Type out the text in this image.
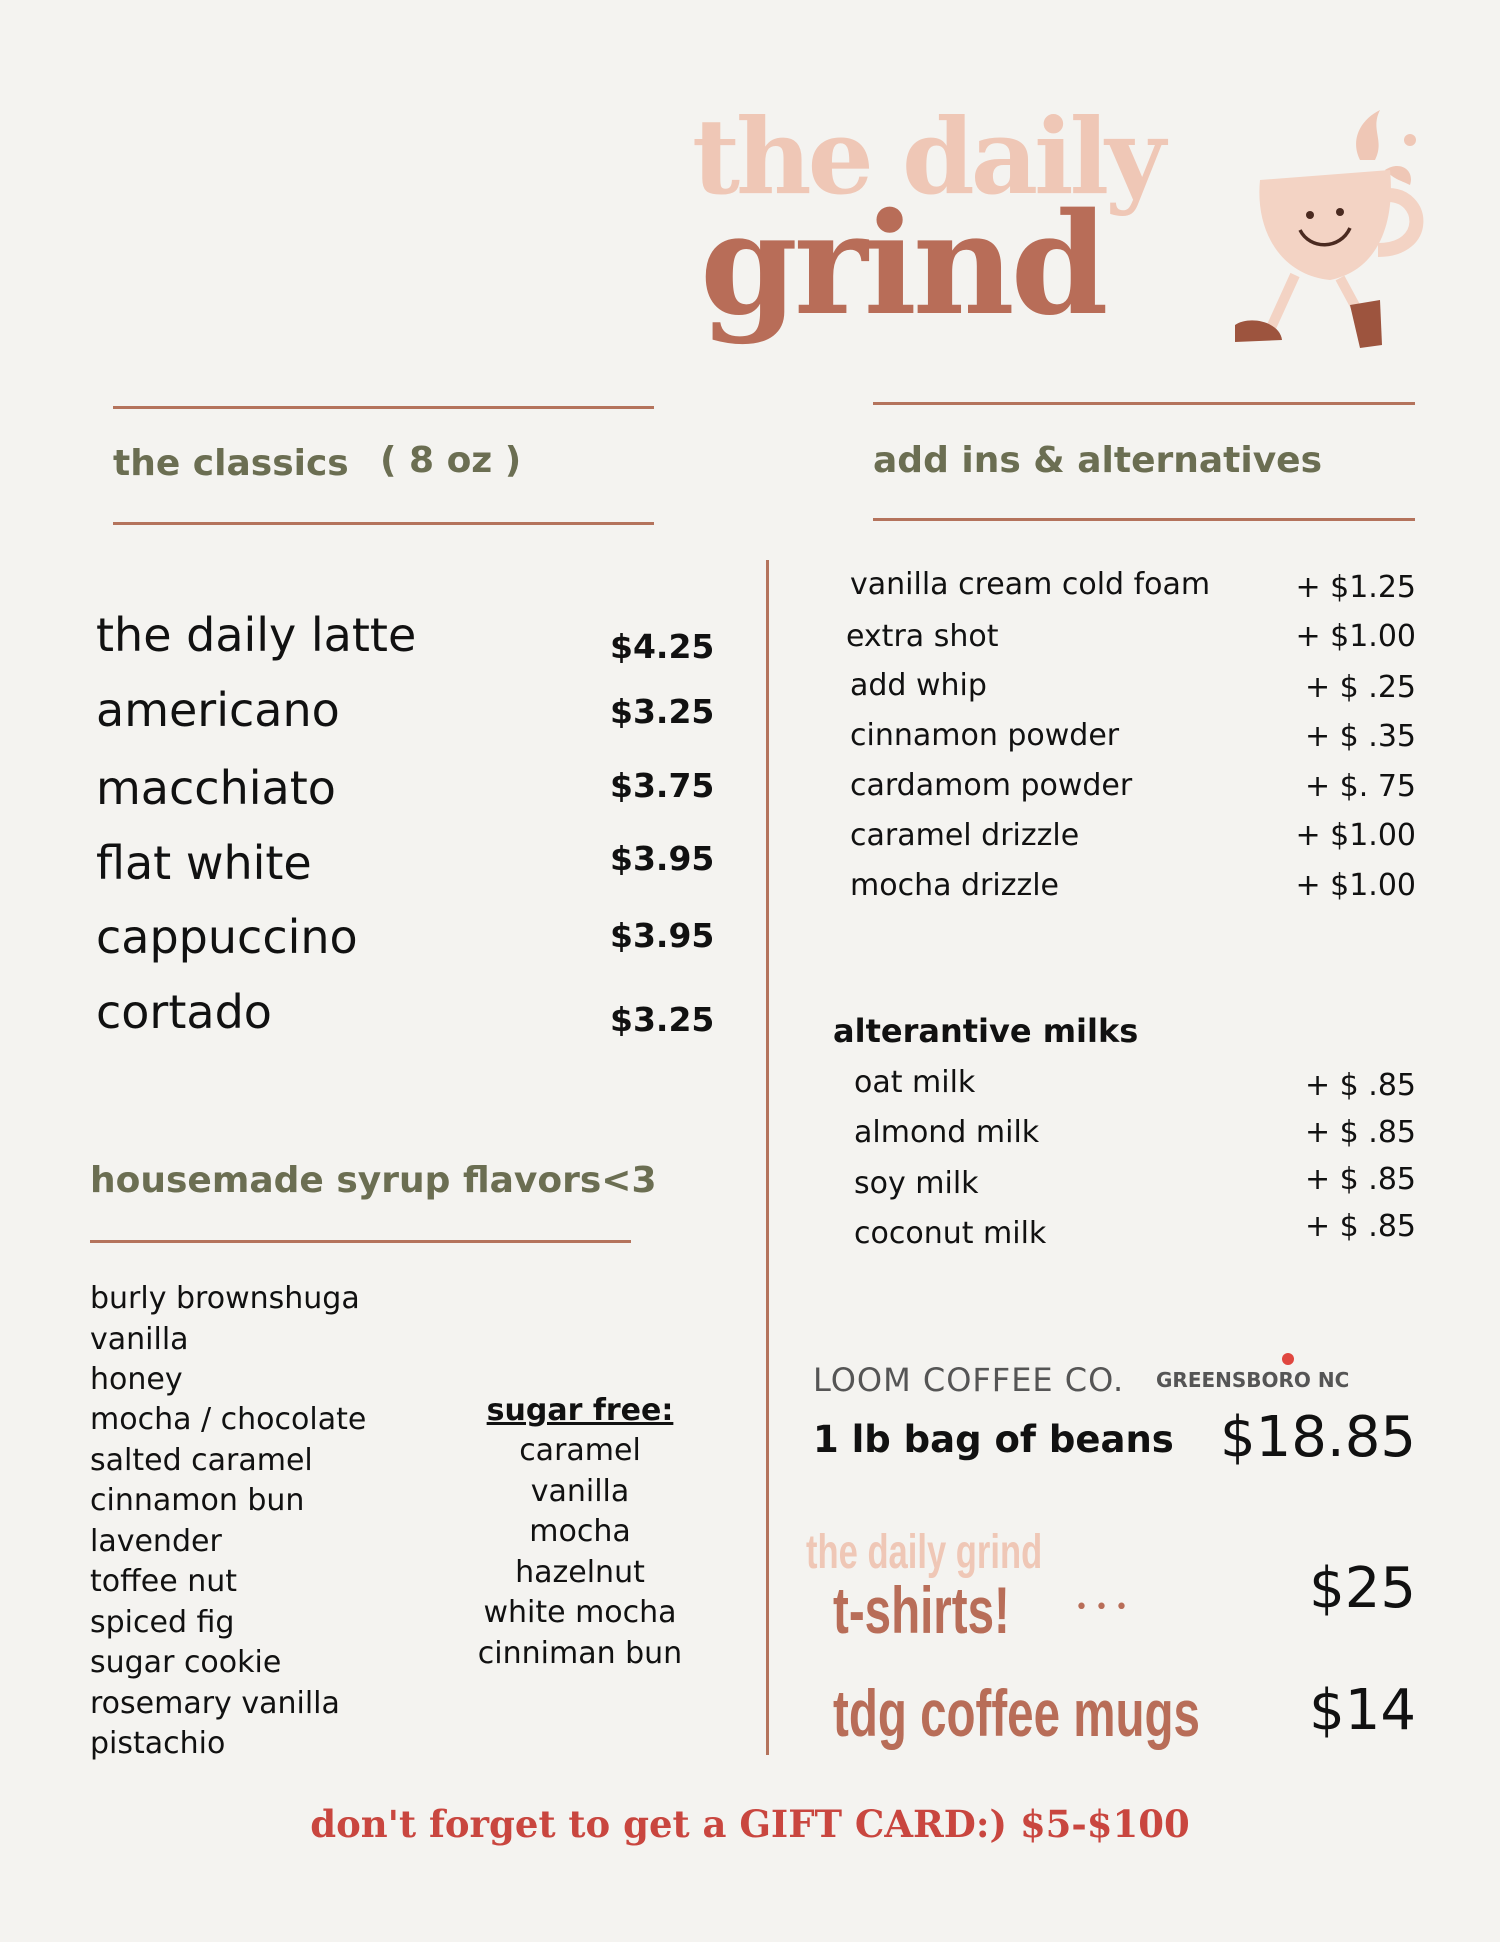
the daily
grind
the classics ( 8 oz )
the daily latte	$4.25
americano	$3.25
macchiato	$3.75
flat white	$3.95
cappuccino	$3.95
cortado	$3.25
housemade syrup flavors<3
burly brownshuga
vanilla
honey
mocha / chocolate
salted caramel
cinnamon bun
lavender
toffee nut
spiced fig
sugar cookie
rosemary vanilla
pistachio
sugar free:
caramel
vanilla
mocha
hazelnut
white mocha
cinniman bun
add ins & alternatives
vanilla cream cold foam	+ $1.25
extra shot	+ $1.00
add whip	+ $ .25
cinnamon powder	+ $ .35
cardamom powder	+ $. 75
caramel drizzle	+ $1.00
mocha drizzle	+ $1.00
alterantive milks
oat milk	+ $ .85
almond milk	+ $ .85
soy milk	+ $ .85
coconut milk	+ $ .85
LOOM COFFEE CO. GREENSBORO NC
1 lb bag of beans $18.85
the daily grind
t-shirts!	• • •	$25
tdg coffee mugs $14
don't forget to get a GIFT CARD:) $5-$100
